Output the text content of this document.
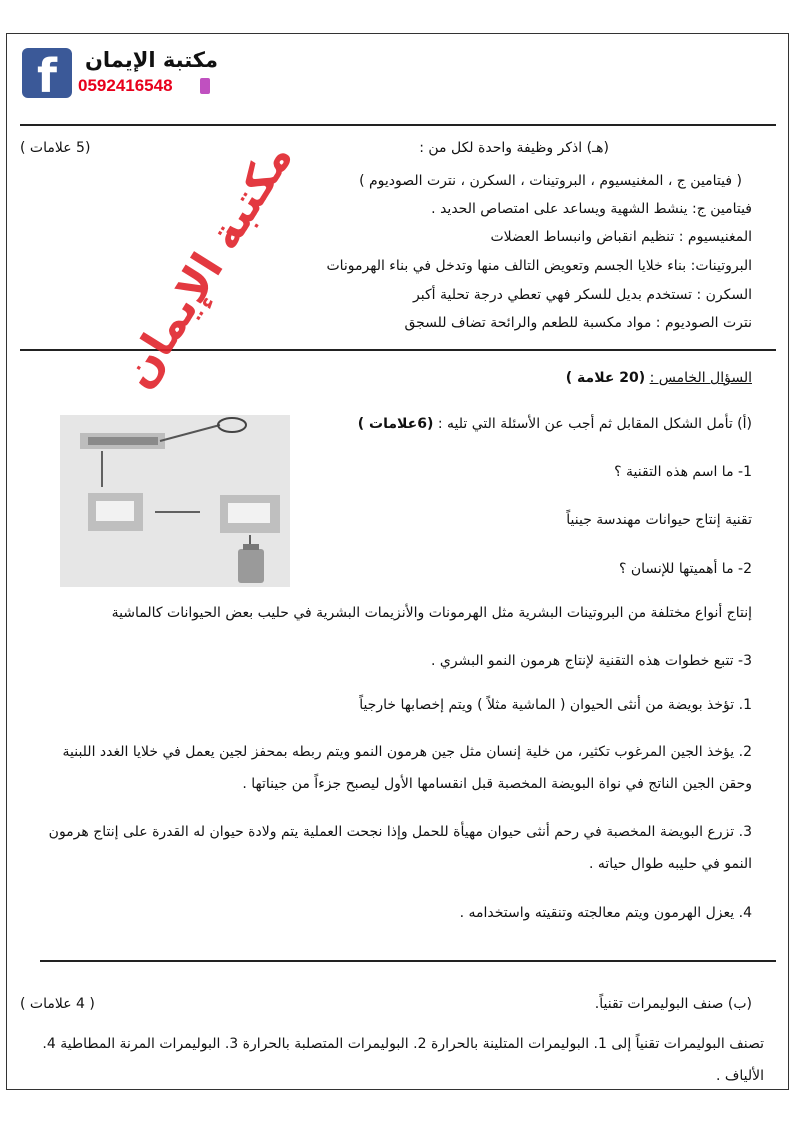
f	مكتبة الإيمان
0592416548
(هـ) اذكر وظيفة واحدة لكل من :
(5 علامات )
( فيتامين ج ، المغنيسيوم ، البروتينات ، السكرن ، نترت الصوديوم )
فيتامين ج: ينشط الشهية ويساعد على امتصاص الحديد .
المغنيسيوم : تنظيم انقباض وانبساط العضلات
البروتينات: بناء خلايا الجسم وتعويض التالف منها وتدخل في بناء الهرمونات
السكرن : تستخدم بديل للسكر فهي تعطي درجة تحلية أكبر
نترت الصوديوم : مواد مكسبة للطعم والرائحة تضاف للسجق
السؤال الخامس : (20 علامة )
(أ) تأمل الشكل المقابل ثم أجب عن الأسئلة التي تليه : (6علامات )
1- ما اسم هذه التقنية ؟
تقنية إنتاج حيوانات مهندسة جينياً
2- ما أهميتها للإنسان ؟
إنتاج أنواع مختلفة من البروتينات البشرية مثل الهرمونات والأنزيمات البشرية في حليب بعض الحيوانات كالماشية
3- تتبع خطوات هذه التقنية لإنتاج هرمون النمو البشري .
1. تؤخذ بويضة من أنثى الحيوان ( الماشية مثلاً ) ويتم إخصابها خارجياً
2. يؤخذ الجين المرغوب تكثير، من خلية إنسان مثل جين هرمون النمو ويتم ربطه بمحفز لجين يعمل في خلايا الغدد اللبنية وحقن الجين الناتج في نواة البويضة المخصبة قبل انقسامها الأول ليصبح جزءاً من جيناتها .
3. تزرع البويضة المخصبة في رحم أنثى حيوان مهيأة للحمل وإذا نجحت العملية يتم ولادة حيوان له القدرة على إنتاج هرمون النمو في حليبه طوال حياته .
4. يعزل الهرمون ويتم معالجته وتنقيته واستخدامه .
(ب) صنف البوليمرات تقنياً.
( 4 علامات )
تصنف البوليمرات تقنياً إلى 1. البوليمرات المتلينة بالحرارة 2. البوليمرات المتصلبة بالحرارة 3. البوليمرات المرنة المطاطية 4. الألياف .
مكتبة الإيمان
